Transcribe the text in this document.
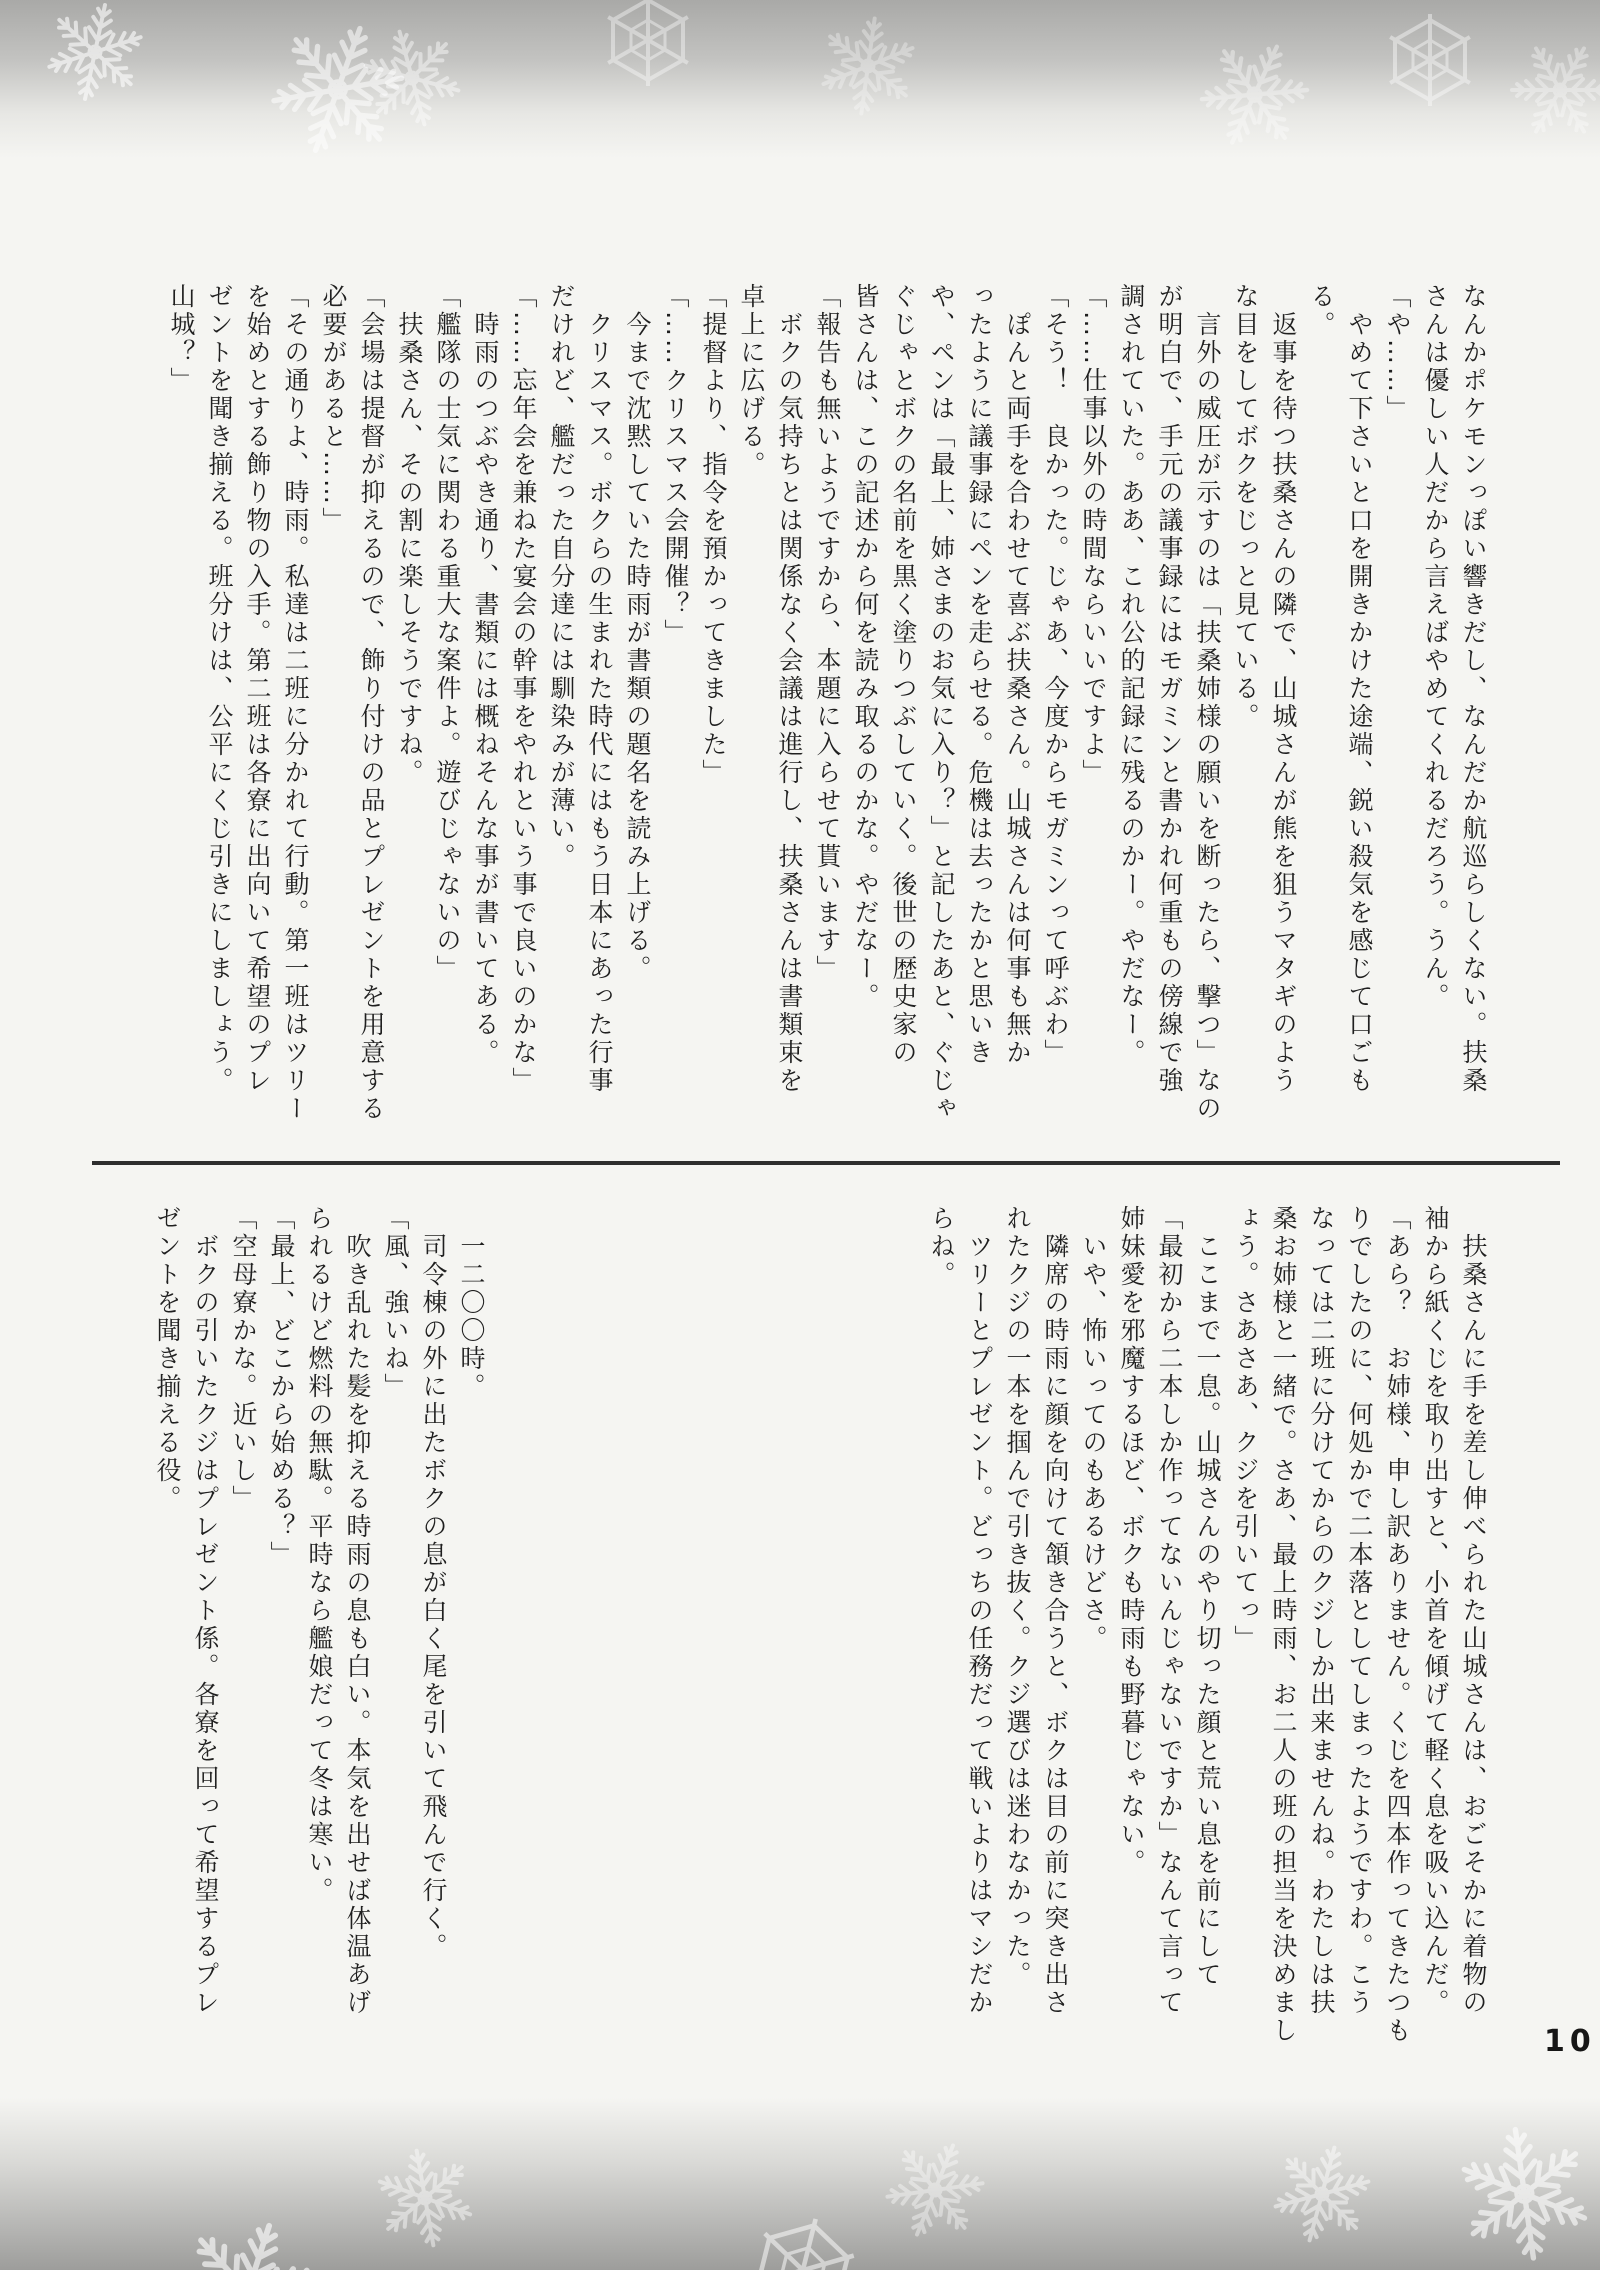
なんかポケモンっぽい響きだし、なんだか航巡らしくない。扶桑

さんは優しい人だから言えばやめてくれるだろう。うん。

「や……」

　やめて下さいと口を開きかけた途端、鋭い殺気を感じて口ごも

る。

　返事を待つ扶桑さんの隣で、山城さんが熊を狙うマタギのよう

な目をしてボクをじっと見ている。

　言外の威圧が示すのは「扶桑姉様の願いを断ったら、撃つ」なの

が明白で、手元の議事録にはモガミンと書かれ何重もの傍線で強

調されていた。ああ、これ公的記録に残るのかー。やだなー。

「……仕事以外の時間ならいいですよ」

「そう！　良かった。じゃあ、今度からモガミンって呼ぶわ」

　ぽんと両手を合わせて喜ぶ扶桑さん。山城さんは何事も無か

ったように議事録にペンを走らせる。危機は去ったかと思いき

や、ペンは「最上、姉さまのお気に入り？」と記したあと、ぐじゃ

ぐじゃとボクの名前を黒く塗りつぶしていく。後世の歴史家の

皆さんは、この記述から何を読み取るのかな。やだなー。

「報告も無いようですから、本題に入らせて貰います」

　ボクの気持ちとは関係なく会議は進行し、扶桑さんは書類束を

卓上に広げる。

「提督より、指令を預かってきました」

「……クリスマス会開催？」

　今まで沈黙していた時雨が書類の題名を読み上げる。

　クリスマス。ボクらの生まれた時代にはもう日本にあった行事

だけれど、艦だった自分達には馴染みが薄い。

「……忘年会を兼ねた宴会の幹事をやれという事で良いのかな」

　時雨のつぶやき通り、書類には概ねそんな事が書いてある。

「艦隊の士気に関わる重大な案件よ。遊びじゃないの」

　扶桑さん、その割に楽しそうですね。

「会場は提督が抑えるので、飾り付けの品とプレゼントを用意する

必要があると……」

「その通りよ、時雨。私達は二班に分かれて行動。第一班はツリー

を始めとする飾り物の入手。第二班は各寮に出向いて希望のプレ

ゼントを聞き揃える。班分けは、公平にくじ引きにしましょう。

山城？」

　扶桑さんに手を差し伸べられた山城さんは、おごそかに着物の

袖から紙くじを取り出すと、小首を傾げて軽く息を吸い込んだ。

「あら？　お姉様、申し訳ありません。くじを四本作ってきたつも

りでしたのに、何処かで二本落としてしまったようですわ。こう

なっては二班に分けてからのクジしか出来ませんね。わたしは扶

桑お姉様と一緒で。さあ、最上時雨、お二人の班の担当を決めまし

ょう。さあさあ、クジを引いてっ」

　ここまで一息。山城さんのやり切った顔と荒い息を前にして

「最初から二本しか作ってないんじゃないですか」なんて言って

姉妹愛を邪魔するほど、ボクも時雨も野暮じゃない。

　いや、怖いってのもあるけどさ。

　隣席の時雨に顔を向けて頷き合うと、ボクは目の前に突き出さ

れたクジの一本を掴んで引き抜く。クジ選びは迷わなかった。

　ツリーとプレゼント。どっちの任務だって戦いよりはマシだか

らね。

　一二〇〇時。

　司令棟の外に出たボクの息が白く尾を引いて飛んで行く。

「風、強いね」

　吹き乱れた髪を抑える時雨の息も白い。本気を出せば体温あげ

られるけど燃料の無駄。平時なら艦娘だって冬は寒い。

「最上、どこから始める？」

「空母寮かな。近いし」

　ボクの引いたクジはプレゼント係。各寮を回って希望するプレ

ゼントを聞き揃える役。

10
